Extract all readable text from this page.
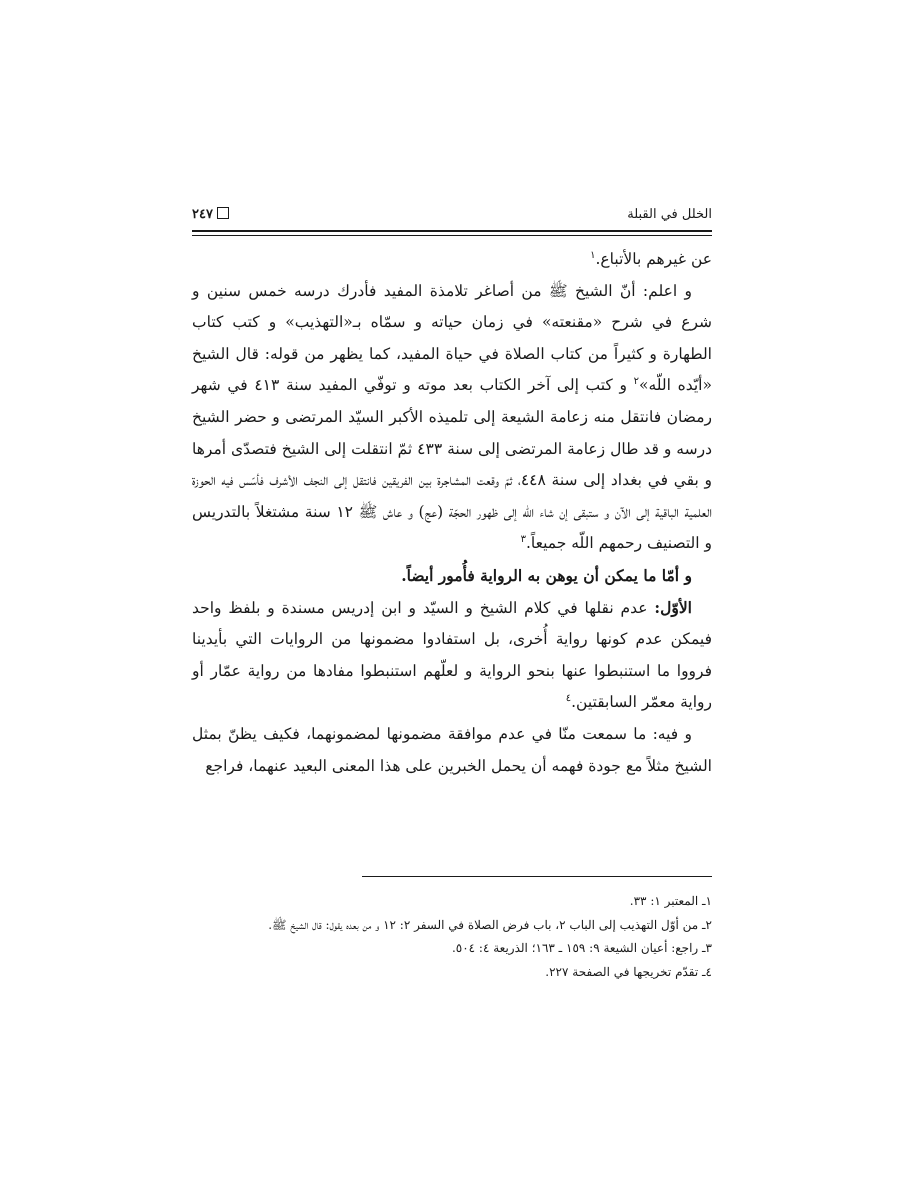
الخلل في القبلة
٢٤٧

عن غيرهم بالأتباع.$^١$

و اعلم: أنّ الشيخ ﷺ من أصاغر تلامذة المفيد فأدرك درسه خمس سنين و شرع في شرح «مقنعته» في زمان حياته و سمّاه بـ«التهذيب» و كتب كتاب الطهارة و كثيراً من كتاب الصلاة في حياة المفيد، كما يظهر من قوله: قال الشيخ «أيّده اللّه»$^٢$ و كتب إلى آخر الكتاب بعد موته و توفّي المفيد سنة ٤١٣ في شهر رمضان فانتقل منه زعامة الشيعة إلى تلميذه الأكبر السيّد المرتضى و حضر الشيخ درسه و قد طال زعامة المرتضى إلى سنة ٤٣٣ ثمّ انتقلت إلى الشيخ فتصدّى أمرها و بقي في بغداد إلى سنة ٤٤٨، ثمّ وقعت المشاجرة بين الفريقين فانتقل إلى النجف الأشرف فأسّس فيه الحوزة العلمية الباقية إلى الآن و ستبقى إن شاء اللّه إلى ظهور الحجّة (عج) و عاش ﷺ ١٢ سنة مشتغلاً بالتدريس و التصنيف رحمهم اللّه جميعاً.$^٣$

و أمّا ما يمكن أن يوهن به الرواية فأُمور أيضاً.

الأوّل: عدم نقلها في كلام الشيخ و السيّد و ابن إدريس مسندة و بلفظ واحد فيمكن عدم كونها رواية أُخرى، بل استفادوا مضمونها من الروايات التي بأيدينا فرووا ما استنبطوا عنها بنحو الرواية و لعلّهم استنبطوا مفادها من رواية عمّار أو رواية معمّر السابقتين.$^٤$

و فيه: ما سمعت منّا في عدم موافقة مضمونها لمضمونهما، فكيف يظنّ بمثل الشيخ مثلاً مع جودة فهمه أن يحمل الخبرين على هذا المعنى البعيد عنهما، فراجع

١ـ المعتبر ١: ٣٣.
٢ـ من أوّل التهذيب إلى الباب ٢، باب فرض الصلاة في السفر ٢: ١٢ و من بعده يقول: قال الشيخ ﷺ.
٣ـ راجع: أعيان الشيعة ٩: ١٥٩ ـ ١٦٣؛ الذريعة ٤: ٥٠٤.
٤ـ تقدّم تخريجها في الصفحة ٢٢٧.
